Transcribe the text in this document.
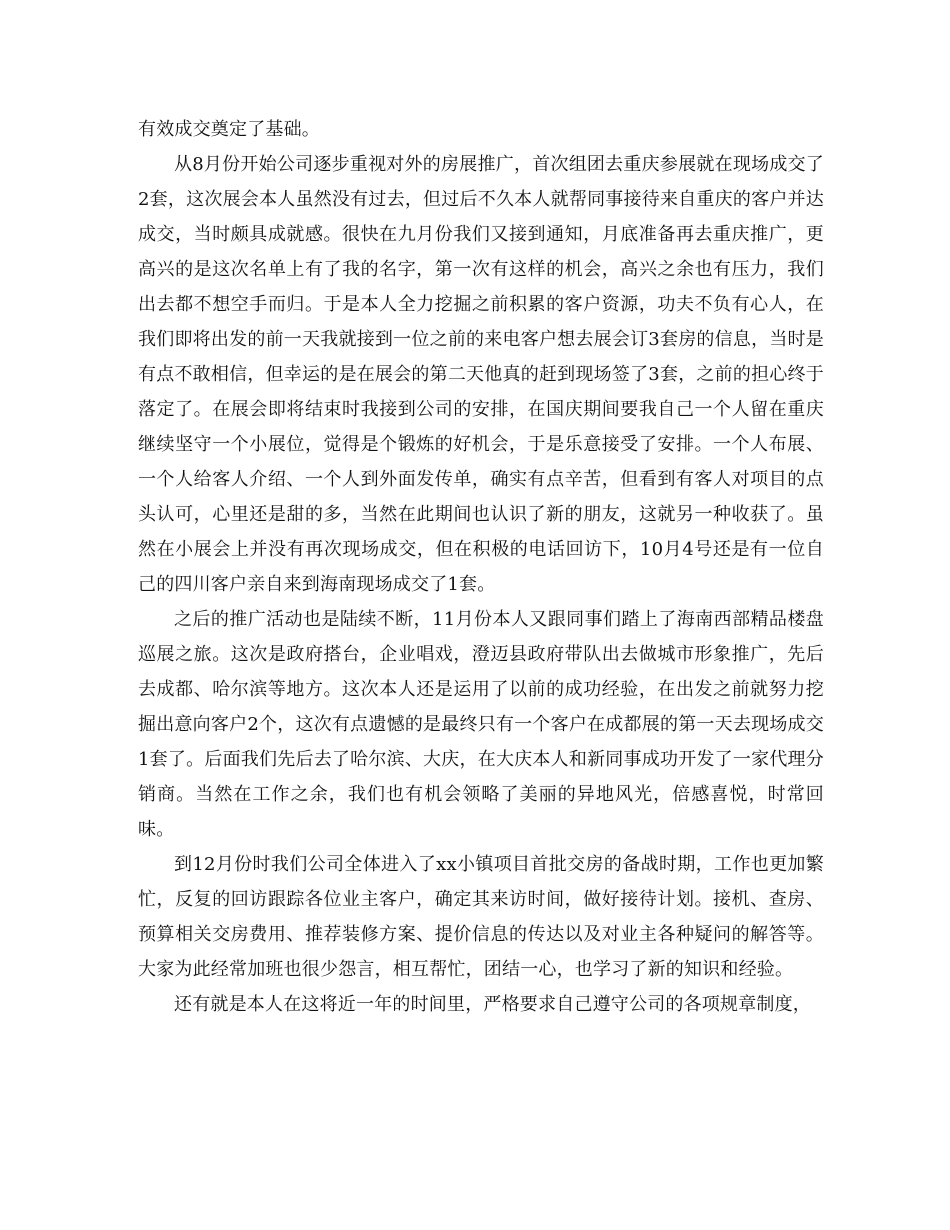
有效成交奠定了基础。

从8月份开始公司逐步重视对外的房展推广，首次组团去重庆参展就在现场成交了2套，这次展会本人虽然没有过去，但过后不久本人就帮同事接待来自重庆的客户并达成交，当时颇具成就感。很快在九月份我们又接到通知，月底准备再去重庆推广，更高兴的是这次名单上有了我的名字，第一次有这样的机会，高兴之余也有压力，我们出去都不想空手而归。于是本人全力挖掘之前积累的客户资源，功夫不负有心人，在我们即将出发的前一天我就接到一位之前的来电客户想去展会订3套房的信息，当时是有点不敢相信，但幸运的是在展会的第二天他真的赶到现场签了3套，之前的担心终于落定了。在展会即将结束时我接到公司的安排，在国庆期间要我自己一个人留在重庆继续坚守一个小展位，觉得是个锻炼的好机会，于是乐意接受了安排。一个人布展、一个人给客人介绍、一个人到外面发传单，确实有点辛苦，但看到有客人对项目的点头认可，心里还是甜的多，当然在此期间也认识了新的朋友，这就另一种收获了。虽然在小展会上并没有再次现场成交，但在积极的电话回访下，10月4号还是有一位自己的四川客户亲自来到海南现场成交了1套。

之后的推广活动也是陆续不断，11月份本人又跟同事们踏上了海南西部精品楼盘巡展之旅。这次是政府搭台，企业唱戏，澄迈县政府带队出去做城市形象推广，先后去成都、哈尔滨等地方。这次本人还是运用了以前的成功经验，在出发之前就努力挖掘出意向客户2个，这次有点遗憾的是最终只有一个客户在成都展的第一天去现场成交1套了。后面我们先后去了哈尔滨、大庆，在大庆本人和新同事成功开发了一家代理分销商。当然在工作之余，我们也有机会领略了美丽的异地风光，倍感喜悦，时常回味。

到12月份时我们公司全体进入了xx小镇项目首批交房的备战时期，工作也更加繁忙，反复的回访跟踪各位业主客户，确定其来访时间，做好接待计划。接机、查房、预算相关交房费用、推荐装修方案、提价信息的传达以及对业主各种疑问的解答等。大家为此经常加班也很少怨言，相互帮忙，团结一心，也学习了新的知识和经验。

还有就是本人在这将近一年的时间里，严格要求自己遵守公司的各项规章制度，
